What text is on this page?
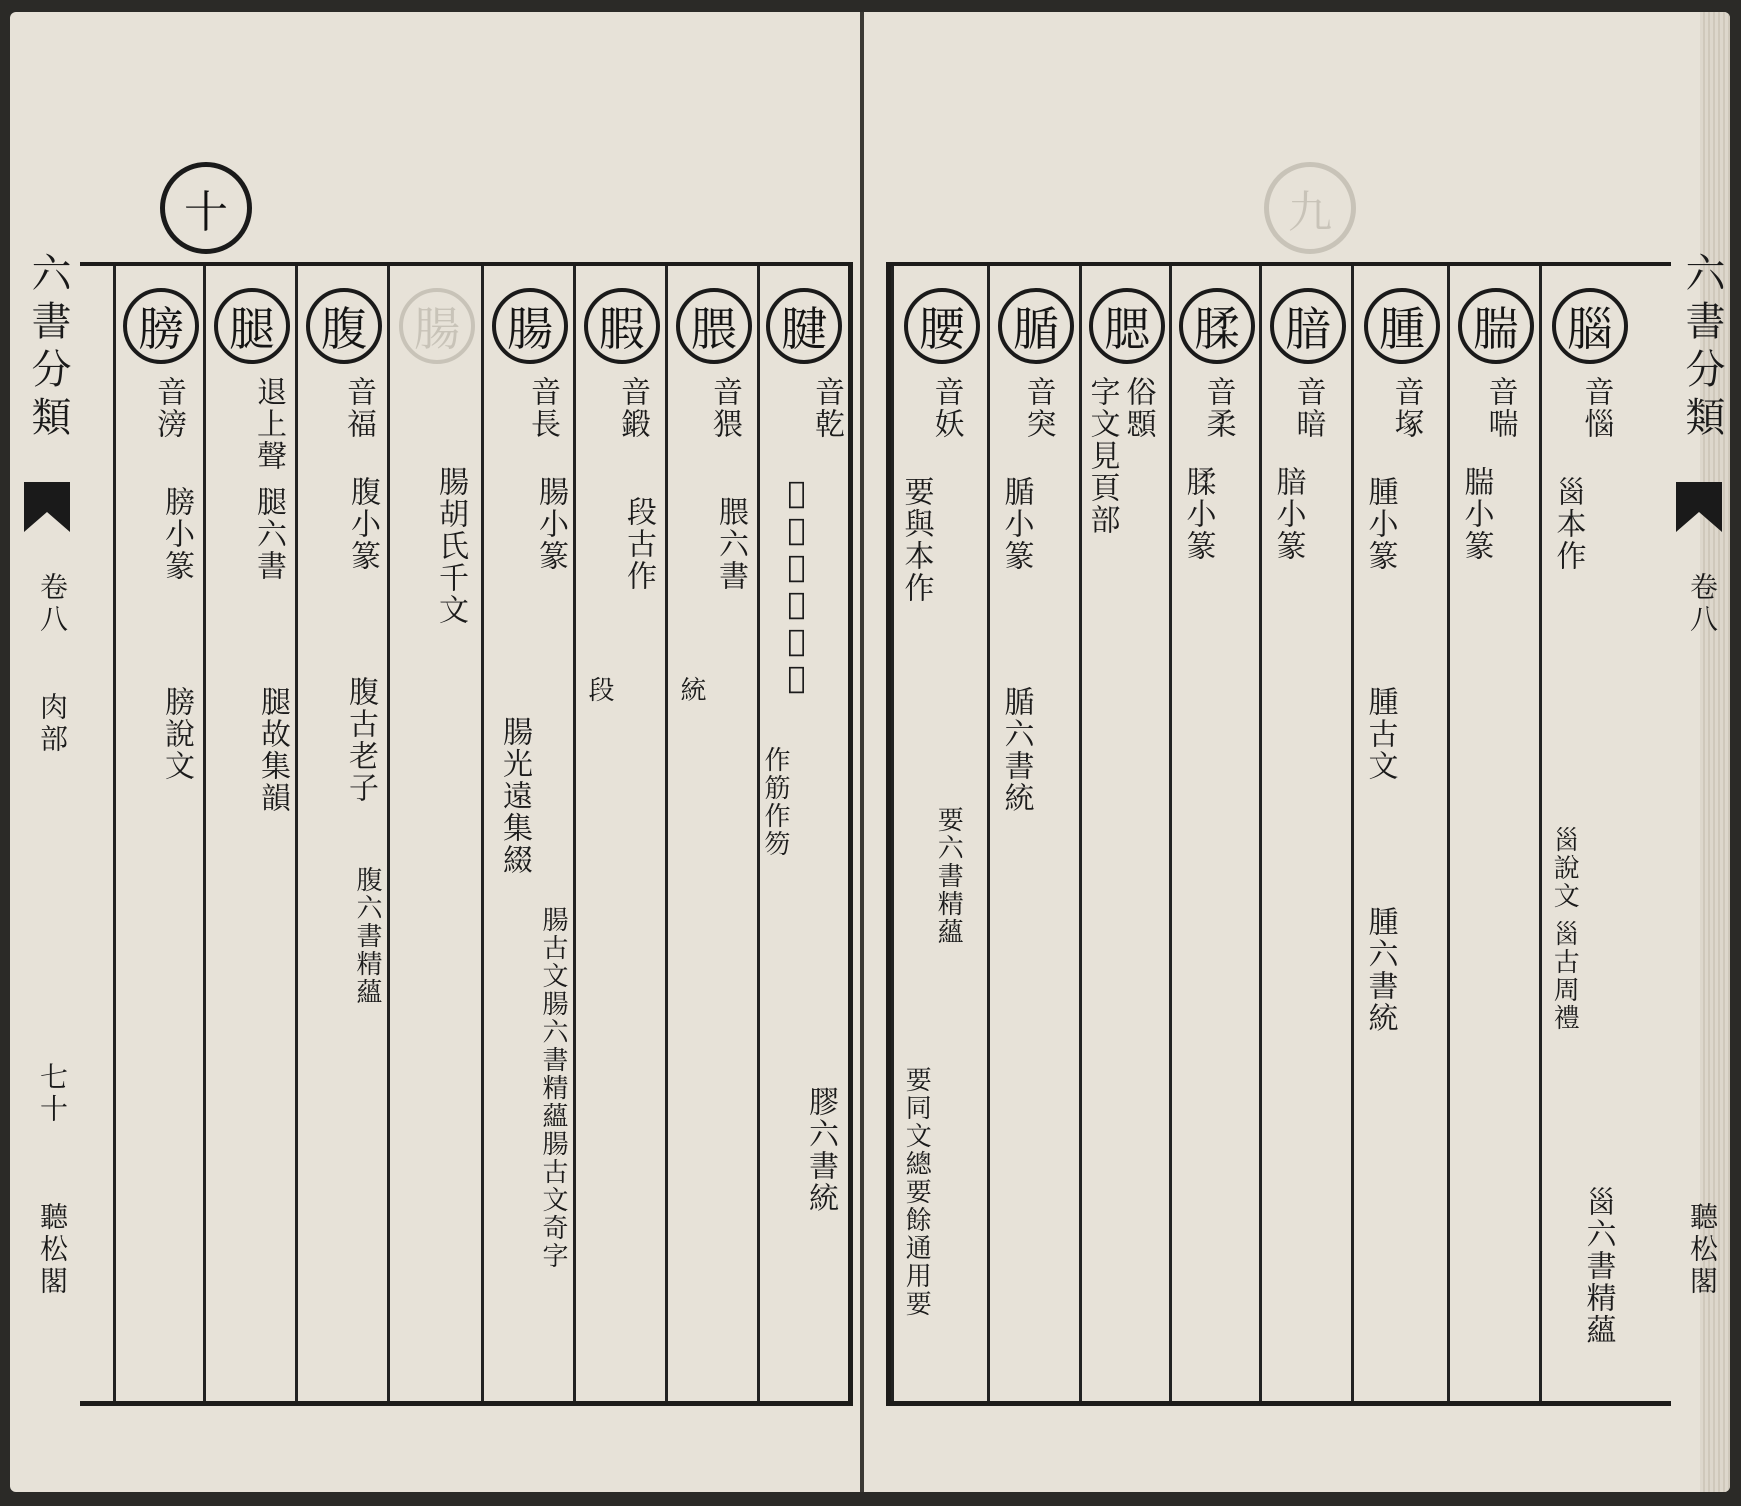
十
六書分類
卷八
肉部
七十
聽松閣
腱
音乾
𦟊說文腱籀文
作筋作笏
膠六書統
腲
音猥
腲六書
統
腵
音鍛
段古作
段
腸
音長
腸小篆
腸光遠集綴
腸古文腸六書精蘊腸古文奇字
腸
腸胡氏千文
腹
音福
腹小篆
腹古老子
腹六書精蘊
腿
退上聲
腿六書
腿故集韻
膀
音滂
膀小篆
膀說文
九
腰
音妖
要與本作
要六書精蘊
要同文總要餘通用要
腯
音突
腯小篆
腯六書統
腮
俗顋
字文見頁部
腬
音柔
腬小篆
腤
音暗
腤小篆
腫
音塚
腫小篆
腫古文
腫六書統
腨
音喘
腨小篆
腦
音惱
𡿺本作
𡿺說文 𡿺古周禮
𡿺六書精蘊
六書分類
卷八
聽松閣
